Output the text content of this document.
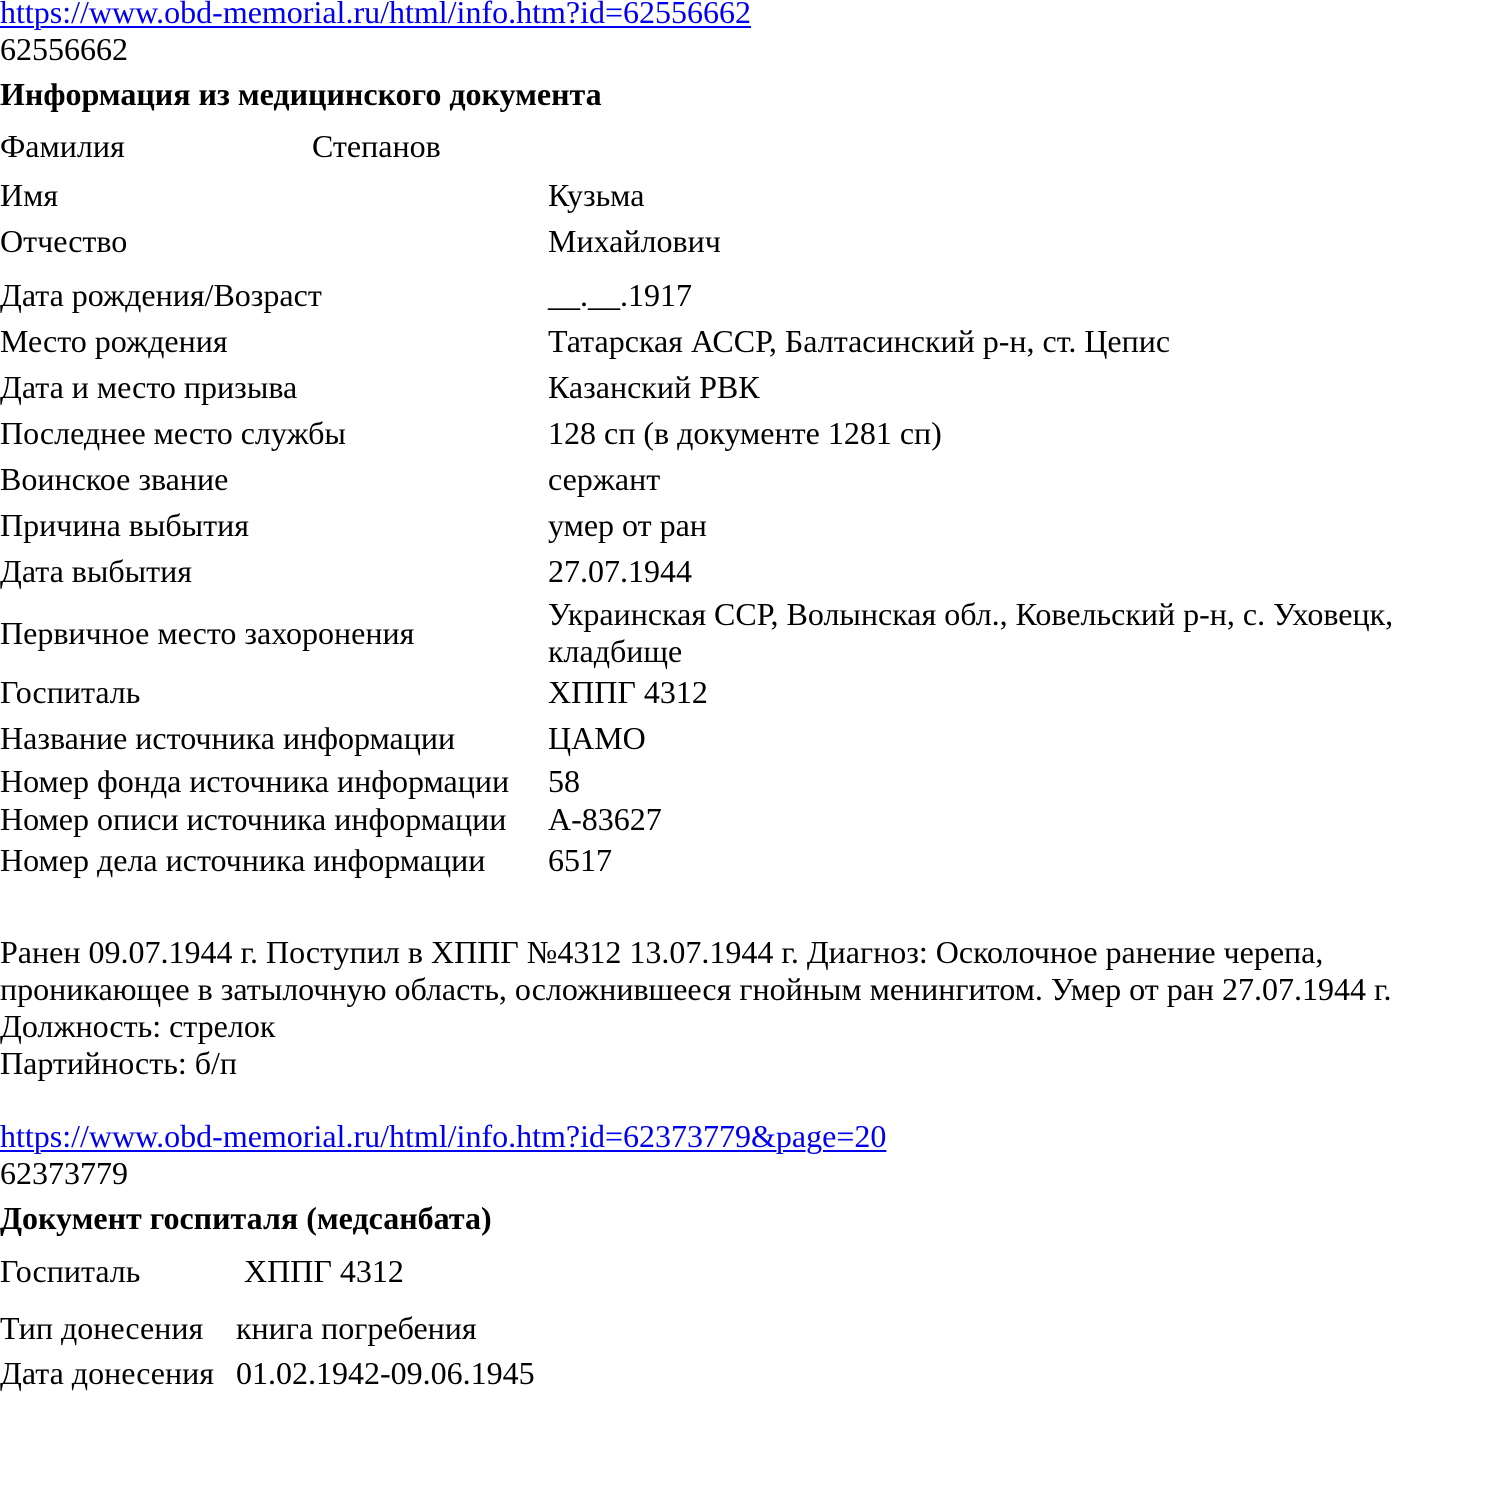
https://www.obd-memorial.ru/html/info.htm?id=62556662
62556662
Информация из медицинского документа
Фамилия	Степанов
Имя	Кузьма
Отчество	Михайлович
Дата рождения/Возраст	__.__.1917
Место рождения	Татарская АССР, Балтасинский р-н, ст. Цепис
Дата и место призыва	Казанский РВК
Последнее место службы	128 сп (в документе 1281 сп)
Воинское звание	сержант
Причина выбытия	умер от ран
Дата выбытия	27.07.1944
Первичное место захоронения	Украинская ССР, Волынская обл., Ковельский р-н, с. Уховецк, кладбище
Госпиталь	ХППГ 4312
Название источника информации	ЦАМО
Номер фонда источника информации	58
Номер описи источника информации	А-83627
Номер дела источника информации	6517
Ранен 09.07.1944 г. Поступил в ХППГ №4312 13.07.1944 г. Диагноз: Осколочное ранение черепа,
проникающее в затылочную область, осложнившееся гнойным менингитом. Умер от ран 27.07.1944 г.
Должность: стрелок
Партийность: б/п
https://www.obd-memorial.ru/html/info.htm?id=62373779&page=20
62373779
Документ госпиталя (медсанбата)
Госпиталь	ХППГ 4312
Тип донесения	книга погребения
Дата донесения 01.02.1942-09.06.1945
